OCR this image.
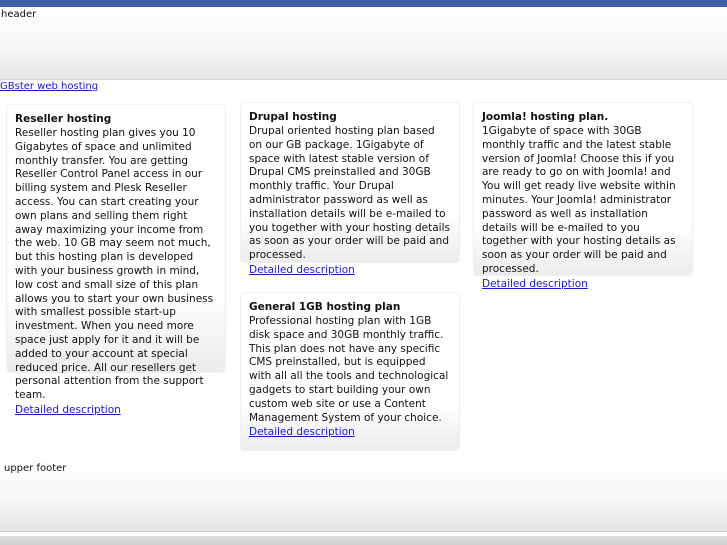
header
GBster web hosting
Reseller hosting
Reseller hosting plan gives you 10 Gigabytes of space and unlimited monthly transfer. You are getting Reseller Control Panel access in our billing system and Plesk Reseller access. You can start creating your own plans and selling them right away maximizing your income from the web. 10 GB may seem not much, but this hosting plan is developed with your business growth in mind, low cost and small size of this plan allows you to start your own business with smallest possible start-up investment. When you need more space just apply for it and it will be added to your account at special reduced price. All our resellers get personal attention from the support team.
Detailed description
Drupal hosting
Drupal oriented hosting plan based on our GB package. 1Gigabyte of space with latest stable version of Drupal CMS preinstalled and 30GB monthly traffic. Your Drupal administrator password as well as installation details will be e-mailed to you together with your hosting details as soon as your order will be paid and processed.
Detailed description
Joomla! hosting plan.
1Gigabyte of space with 30GB monthly traffic and the latest stable version of Joomla! Choose this if you are ready to go on with Joomla! and You will get ready live website within minutes. Your Joomla! administrator password as well as installation details will be e-mailed to you together with your hosting details as soon as your order will be paid and processed.
Detailed description
General 1GB hosting plan
Professional hosting plan with 1GB disk space and 30GB monthly traffic. This plan does not have any specific CMS preinstalled, but is equipped with all all the tools and technological gadgets to start building your own custom web site or use a Content Management System of your choice.
Detailed description
upper footer
